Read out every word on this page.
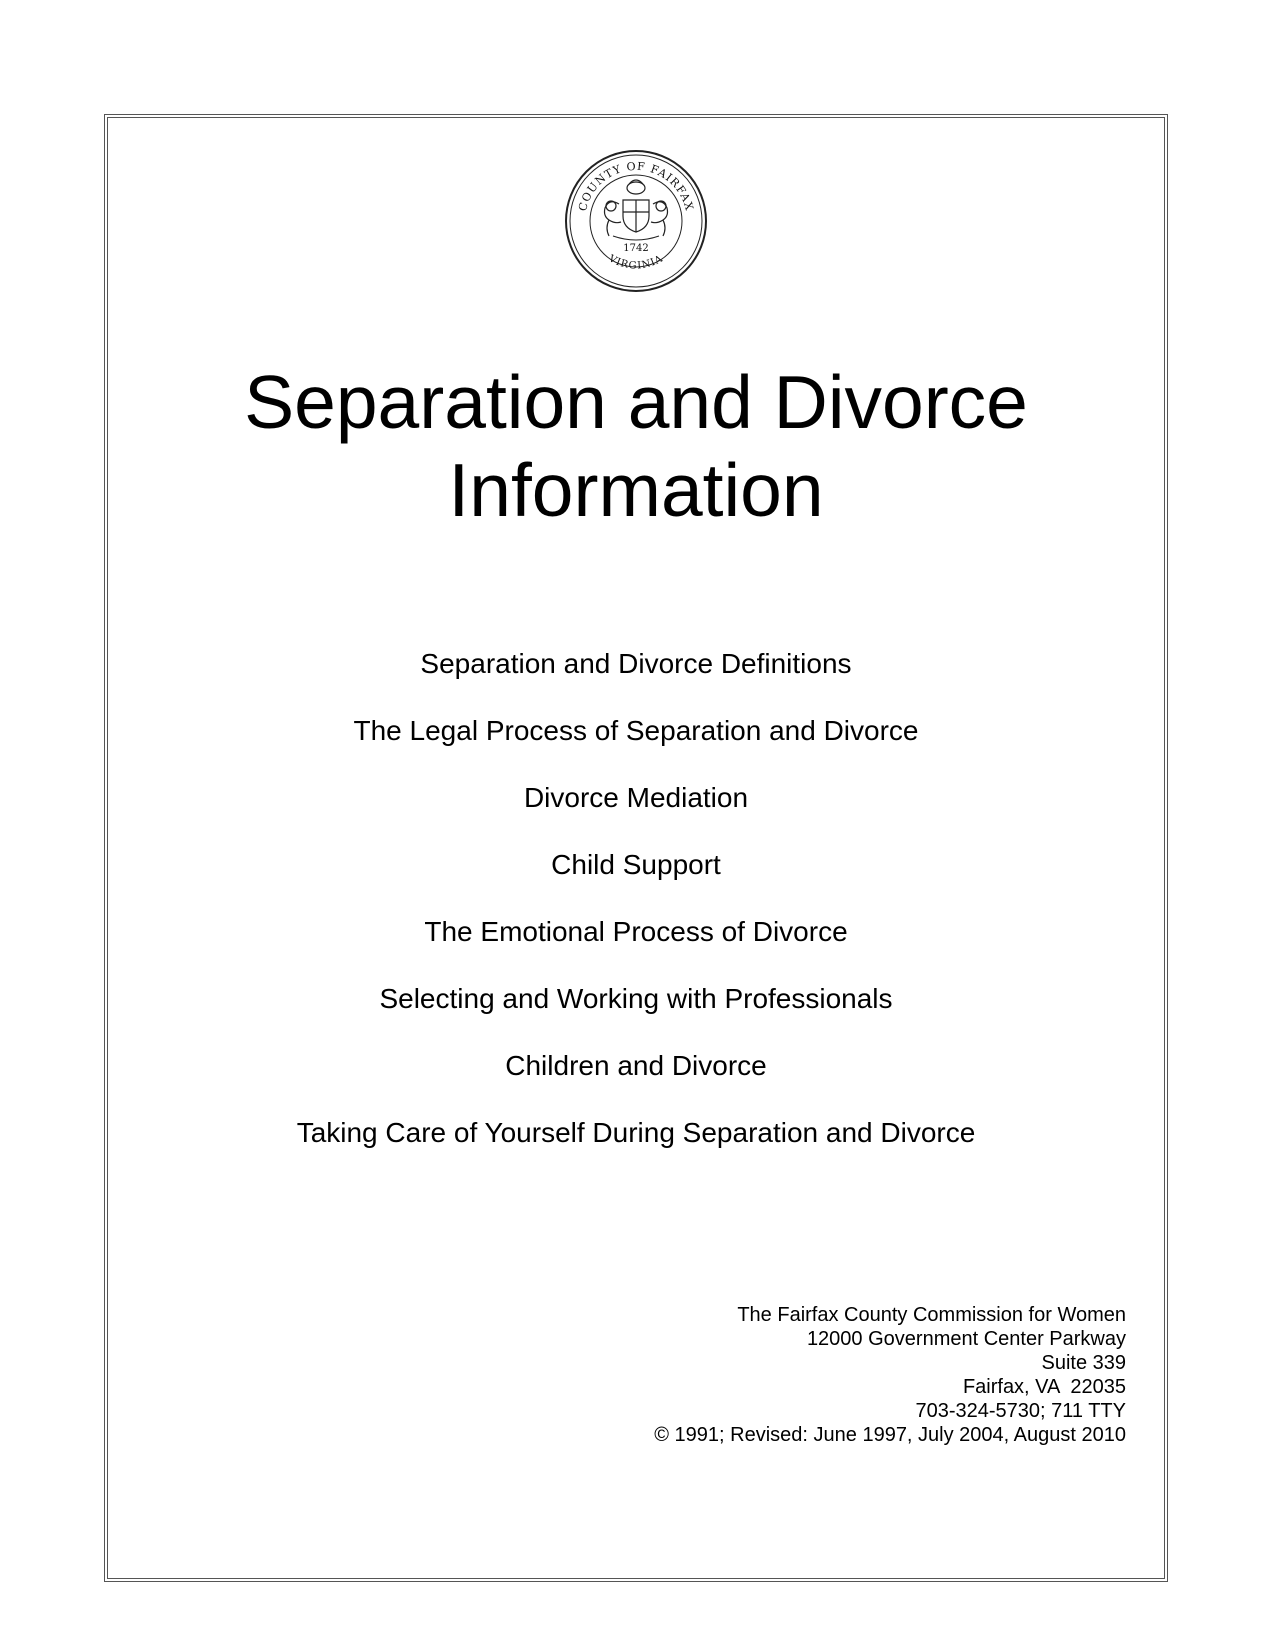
COUNTY OF FAIRFAX
VIRGINIA
1742
Separation and Divorce
Information
Separation and Divorce Definitions
The Legal Process of Separation and Divorce
Divorce Mediation
Child Support
The Emotional Process of Divorce
Selecting and Working with Professionals
Children and Divorce
Taking Care of Yourself During Separation and Divorce
The Fairfax County Commission for Women
12000 Government Center Parkway
Suite 339
Fairfax, VA  22035
703-324-5730; 711 TTY
© 1991; Revised: June 1997, July 2004, August 2010
